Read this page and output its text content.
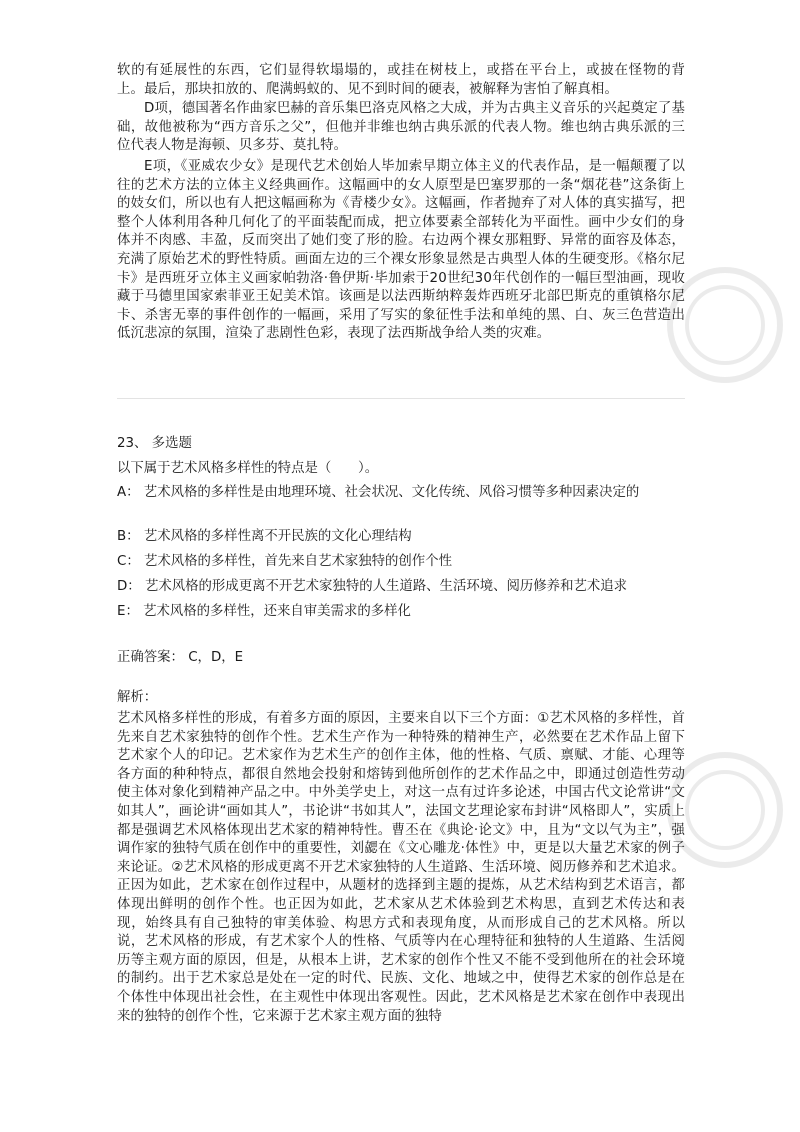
软的有延展性的东西，它们显得软塌塌的，或挂在树枝上，或搭在平台上，或披在怪物的背上。最后，那块扣放的、爬满蚂蚁的、见不到时间的硬表，被解释为害怕了解真相。

D项，德国著名作曲家巴赫的音乐集巴洛克风格之大成，并为古典主义音乐的兴起奠定了基础，故他被称为“西方音乐之父”，但他并非维也纳古典乐派的代表人物。维也纳古典乐派的三位代表人物是海顿、贝多芬、莫扎特。

E项，《亚威农少女》是现代艺术创始人毕加索早期立体主义的代表作品，是一幅颠覆了以往的艺术方法的立体主义经典画作。这幅画中的女人原型是巴塞罗那的一条“烟花巷”这条街上的妓女们，所以也有人把这幅画称为《青楼少女》。这幅画，作者抛弃了对人体的真实描写，把整个人体利用各种几何化了的平面装配而成，把立体要素全部转化为平面性。画中少女们的身体并不肉感、丰盈，反而突出了她们变了形的脸。右边两个裸女那粗野、异常的面容及体态，充满了原始艺术的野性特质。画面左边的三个裸女形象显然是古典型人体的生硬变形。《格尔尼卡》是西班牙立体主义画家帕勃洛·鲁伊斯·毕加索于20世纪30年代创作的一幅巨型油画，现收藏于马德里国家索菲亚王妃美术馆。该画是以法西斯纳粹轰炸西班牙北部巴斯克的重镇格尔尼卡、杀害无辜的事件创作的一幅画，采用了写实的象征性手法和单纯的黑、白、灰三色营造出低沉悲凉的氛围，渲染了悲剧性色彩，表现了法西斯战争给人类的灾难。

23、 多选题
以下属于艺术风格多样性的特点是（　　）。
A： 艺术风格的多样性是由地理环境、社会状况、文化传统、风俗习惯等多种因素决定的
B： 艺术风格的多样性离不开民族的文化心理结构
C： 艺术风格的多样性，首先来自艺术家独特的创作个性
D： 艺术风格的形成更离不开艺术家独特的人生道路、生活环境、阅历修养和艺术追求
E： 艺术风格的多样性，还来自审美需求的多样化
正确答案： C，D，E
解析：

艺术风格多样性的形成，有着多方面的原因，主要来自以下三个方面：①艺术风格的多样性，首先来自艺术家独特的创作个性。艺术生产作为一种特殊的精神生产，必然要在艺术作品上留下艺术家个人的印记。艺术家作为艺术生产的创作主体，他的性格、气质、禀赋、才能、心理等各方面的种种特点，都很自然地会投射和熔铸到他所创作的艺术作品之中，即通过创造性劳动使主体对象化到精神产品之中。中外美学史上，对这一点有过许多论述，中国古代文论常讲“文如其人”，画论讲“画如其人”，书论讲“书如其人”，法国文艺理论家布封讲“风格即人”，实质上都是强调艺术风格体现出艺术家的精神特性。曹丕在《典论·论文》中，且为“文以气为主”，强调作家的独特气质在创作中的重要性，刘勰在《文心雕龙·体性》中，更是以大量艺术家的例子来论证。②艺术风格的形成更离不开艺术家独特的人生道路、生活环境、阅历修养和艺术追求。正因为如此，艺术家在创作过程中，从题材的选择到主题的提炼，从艺术结构到艺术语言，都体现出鲜明的创作个性。也正因为如此，艺术家从艺术体验到艺术构思，直到艺术传达和表现，始终具有自己独特的审美体验、构思方式和表现角度，从而形成自己的艺术风格。所以说，艺术风格的形成，有艺术家个人的性格、气质等内在心理特征和独特的人生道路、生活阅历等主观方面的原因，但是，从根本上讲，艺术家的创作个性又不能不受到他所在的社会环境的制约。出于艺术家总是处在一定的时代、民族、文化、地域之中，使得艺术家的创作总是在个体性中体现出社会性，在主观性中体现出客观性。因此，艺术风格是艺术家在创作中表现出来的独特的创作个性，它来源于艺术家主观方面的独特
